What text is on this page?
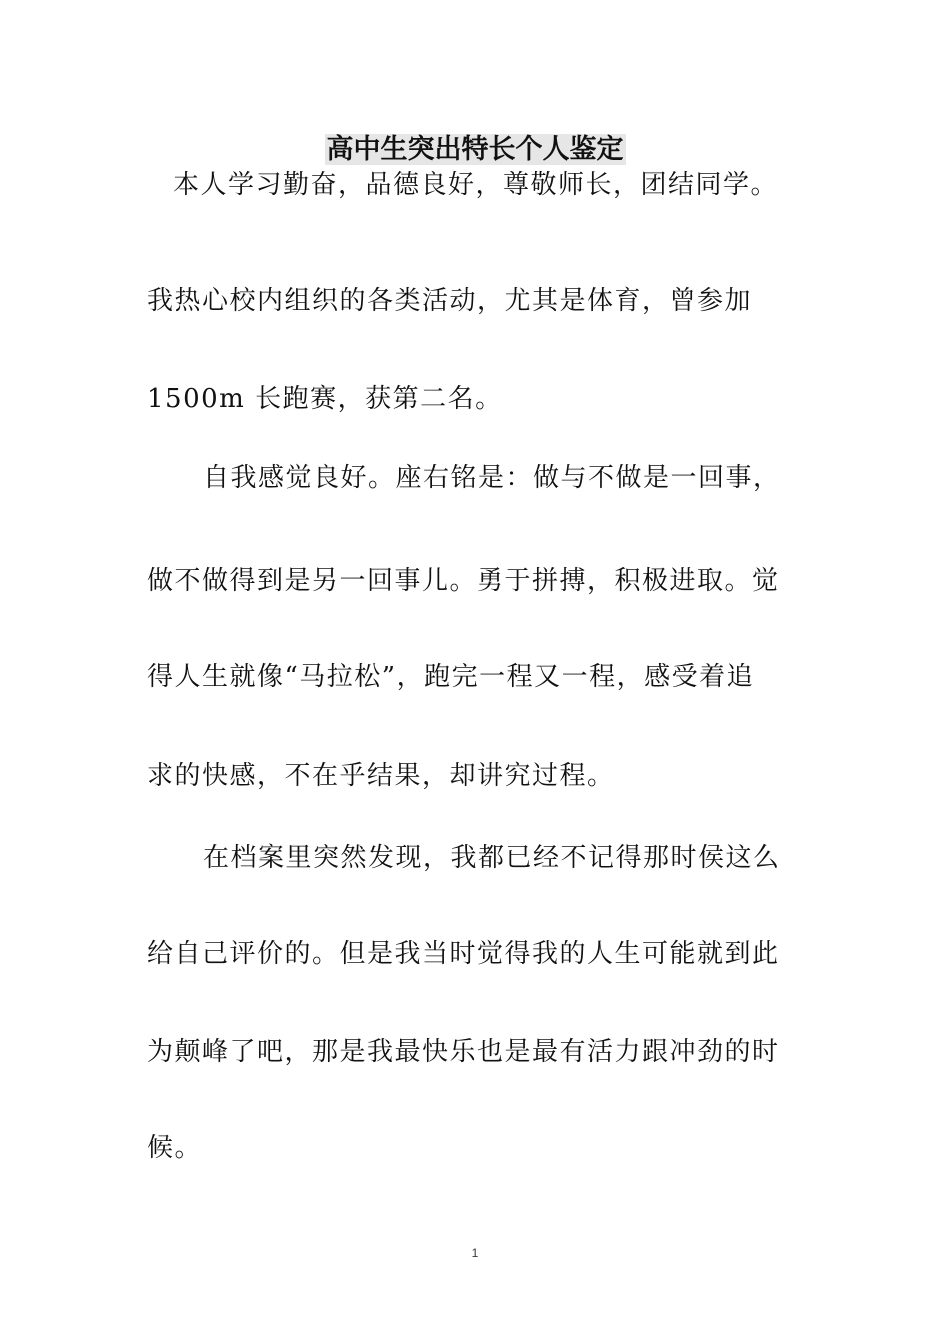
高中生突出特长个人鉴定
本人学习勤奋，品德良好，尊敬师长，团结同学。
我热心校内组织的各类活动，尤其是体育，曾参加
1500m 长跑赛，获第二名。
自我感觉良好。座右铭是：做与不做是一回事，
做不做得到是另一回事儿。勇于拼搏，积极进取。觉
得人生就像“马拉松”，跑完一程又一程，感受着追
求的快感，不在乎结果，却讲究过程。
在档案里突然发现，我都已经不记得那时侯这么
给自己评价的。但是我当时觉得我的人生可能就到此
为颠峰了吧，那是我最快乐也是最有活力跟冲劲的时
候。
1
